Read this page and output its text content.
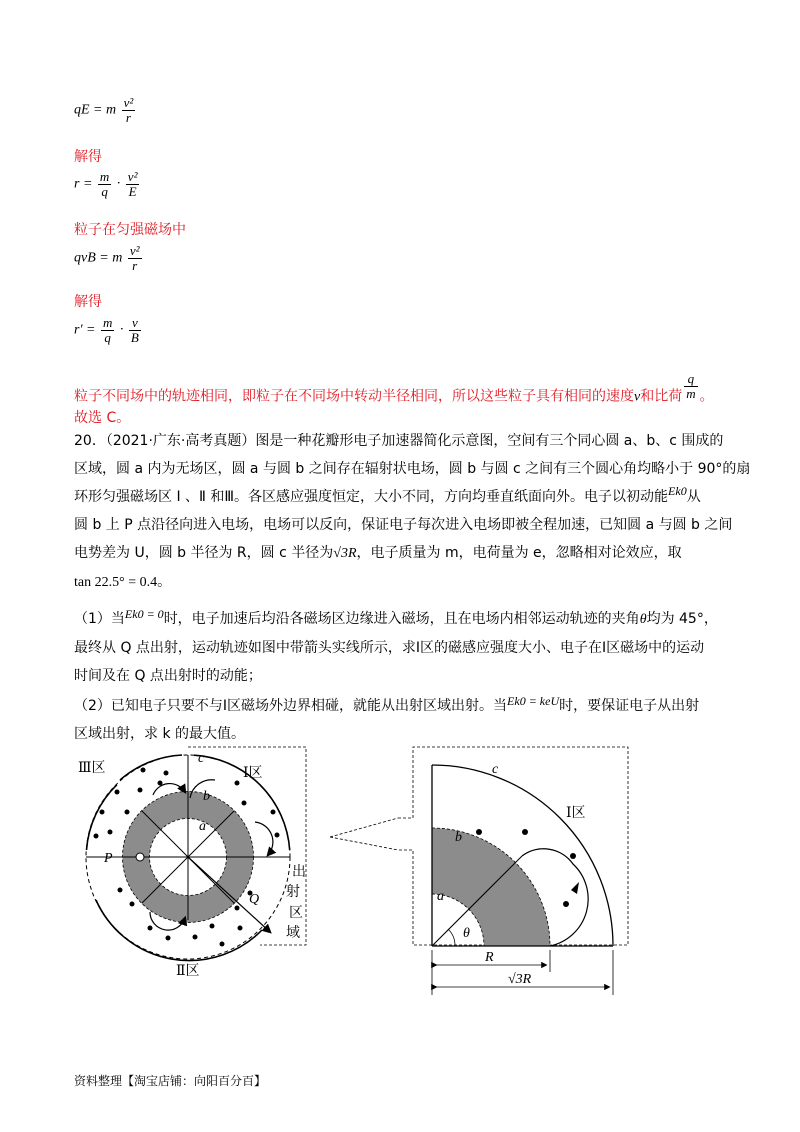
qE = m $\frac{\text{v²}}{r}$
解得
$r = \frac{m}{q} \cdot \frac{\text{v²}}{E}$
粒子在匀强磁场中
qvB = m $\frac{\text{v²}}{r}$
解得
$r' = \frac{m}{q} \cdot \frac{v}{B}$
粒子不同场中的轨迹相同，即粒子在不同场中转动半径相同，所以这些粒子具有相同的速度v和比荷 $\frac{q}{m}$ 。
故选 C。
20．（2021·广东·高考真题）图是一种花瓣形电子加速器简化示意图，空间有三个同心圆 a、b、c 围成的
区域，圆 a 内为无场区，圆 a 与圆 b 之间存在辐射状电场，圆 b 与圆 c 之间有三个圆心角均略小于 90°的扇
环形匀强磁场区 Ⅰ 、Ⅱ 和Ⅲ。各区感应强度恒定，大小不同，方向均垂直纸面向外。电子以初动能Ek0从
圆 b 上 P 点沿径向进入电场，电场可以反向，保证电子每次进入电场即被全程加速，已知圆 a 与圆 b 之间
电势差为 U，圆 b 半径为 R，圆 c 半径为√3R，电子质量为 m，电荷量为 e，忽略相对论效应，取
tan 22.5° = 0.4。
（1）当Ek0 = 0时，电子加速后均沿各磁场区边缘进入磁场，且在电场内相邻运动轨迹的夹角θ均为 45°，
最终从 Q 点出射，运动轨迹如图中带箭头实线所示，求Ⅰ区的磁感应强度大小、电子在Ⅰ区磁场中的运动
时间及在 Q 点出射时的动能；
（2）已知电子只要不与Ⅰ区磁场外边界相碰，就能从出射区域出射。当Ek0 = keU时，要保证电子从出射
区域出射，求 k 的最大值。
Ⅲ区	Ⅰ区
Ⅱ区
c
b
a
P
Q
出
射
区
域
c
Ⅰ区
b
a
θ
R
√3R
资料整理【淘宝店铺：向阳百分百】
